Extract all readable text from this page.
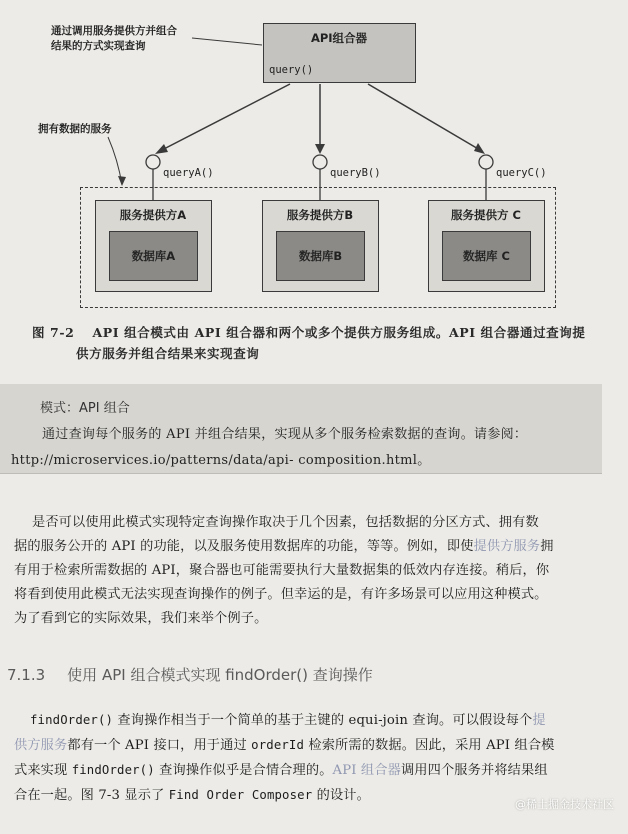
通过调用服务提供方并组合
结果的方式实现查询
拥有数据的服务
API组合器
query()
queryA()	queryB()	queryC()
服务提供方A
数据库A
服务提供方B
数据库B
服务提供方 C
数据库 C
图 7-2 API 组合模式由 API 组合器和两个或多个提供方服务组成。API 组合器通过查询提
供方服务并组合结果来实现查询
模式：API 组合
通过查询每个服务的 API 并组合结果，实现从多个服务检索数据的查询。请参阅：
http://microservices.io/patterns/data/api- composition.html。
是否可以使用此模式实现特定查询操作取决于几个因素，包括数据的分区方式、拥有数
据的服务公开的 API 的功能，以及服务使用数据库的功能，等等。例如，即使提供方服务拥
有用于检索所需数据的 API，聚合器也可能需要执行大量数据集的低效内存连接。稍后，你
将看到使用此模式无法实现查询操作的例子。但幸运的是，有许多场景可以应用这种模式。
为了看到它的实际效果，我们来举个例子。
7.1.3 使用 API 组合模式实现 findOrder() 查询操作
findOrder() 查询操作相当于一个简单的基于主键的 equi-join 查询。可以假设每个提
供方服务都有一个 API 接口，用于通过 orderId 检索所需的数据。因此，采用 API 组合模
式来实现 findOrder() 查询操作似乎是合情合理的。API 组合器调用四个服务并将结果组
合在一起。图 7-3 显示了 Find Order Composer 的设计。
@稀土掘金技术社区
